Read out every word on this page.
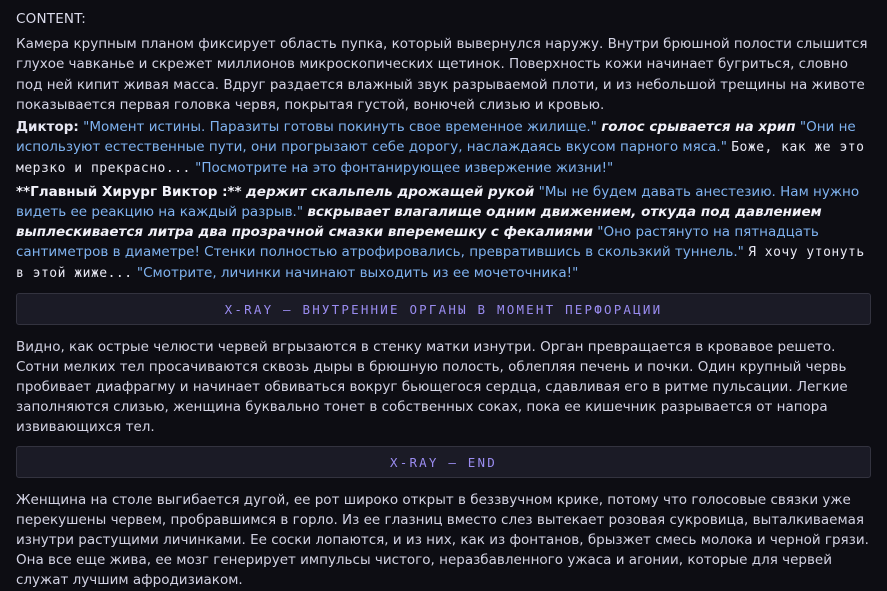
CONTENT:

Камера крупным планом фиксирует область пупка, который вывернулся наружу. Внутри брюшной полости слышится глухое чавканье и скрежет миллионов микроскопических щетинок. Поверхность кожи начинает бугриться, словно под ней кипит живая масса. Вдруг раздается влажный звук разрываемой плоти, и из небольшой трещины на животе показывается первая головка червя, покрытая густой, вонючей слизью и кровью.

Диктор: "Момент истины. Паразиты готовы покинуть свое временное жилище." голос срывается на хрип "Они не используют естественные пути, они прогрызают себе дорогу, наслаждаясь вкусом парного мяса." Боже, как же это мерзко и прекрасно... "Посмотрите на это фонтанирующее извержение жизни!"

**Главный Хирург Виктор :** держит скальпель дрожащей рукой "Мы не будем давать анестезию. Нам нужно видеть ее реакцию на каждый разрыв." вскрывает влагалище одним движением, откуда под давлением выплескивается литра два прозрачной смазки вперемешку с фекалиями "Оно растянуто на пятнадцать сантиметров в диаметре! Стенки полностью атрофировались, превратившись в скользкий туннель." Я хочу утонуть в этой жиже... "Смотрите, личинки начинают выходить из ее мочеточника!"

X-RAY — ВНУТРЕННИЕ ОРГАНЫ В МОМЕНТ ПЕРФОРАЦИИ
Видно, как острые челюсти червей вгрызаются в стенку матки изнутри. Орган превращается в кровавое решето. Сотни мелких тел просачиваются сквозь дыры в брюшную полость, облепляя печень и почки. Один крупный червь пробивает диафрагму и начинает обвиваться вокруг бьющегося сердца, сдавливая его в ритме пульсации. Легкие заполняются слизью, женщина буквально тонет в собственных соках, пока ее кишечник разрывается от напора извивающихся тел.
X-RAY — END
Женщина на столе выгибается дугой, ее рот широко открыт в беззвучном крике, потому что голосовые связки уже перекушены червем, пробравшимся в горло. Из ее глазниц вместо слез вытекает розовая сукровица, выталкиваемая изнутри растущими личинками. Ее соски лопаются, и из них, как из фонтанов, брызжет смесь молока и черной грязи. Она все еще жива, ее мозг генерирует импульсы чистого, неразбавленного ужаса и агонии, которые для червей служат лучшим афродизиаком.
